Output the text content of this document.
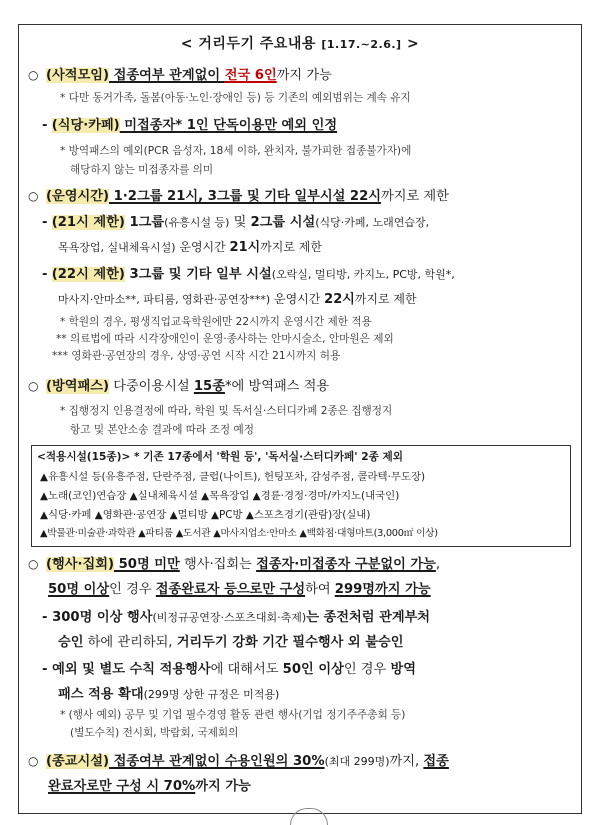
< 거리두기 주요내용 [1.17.~2.6.] >
○ (사적모임) 접종여부 관계없이 전국 6인까지 가능
* 다만 동거가족, 돌봄(아동·노인·장애인 등) 등 기존의 예외범위는 계속 유지
- (식당·카페) 미접종자* 1인 단독이용만 예외 인정
* 방역패스의 예외(PCR 음성자, 18세 이하, 완치자, 불가피한 접종불가자)에
해당하지 않는 미접종자를 의미
○ (운영시간) 1·2그룹 21시, 3그룹 및 기타 일부시설 22시까지로 제한
- (21시 제한) 1그룹(유흥시설 등) 및 2그룹 시설(식당·카페, 노래연습장,
목욕장업, 실내체육시설) 운영시간 21시까지로 제한
- (22시 제한) 3그룹 및 기타 일부 시설(오락실, 멀티방, 카지노, PC방, 학원*,
마사지·안마소**, 파티룸, 영화관·공연장***) 운영시간 22시까지로 제한
* 학원의 경우, 평생직업교육학원에만 22시까지 운영시간 제한 적용
** 의료법에 따라 시각장애인이 운영·종사하는 안마시술소, 안마원은 제외
*** 영화관·공연장의 경우, 상영·공연 시작 시간 21시까지 허용
○ (방역패스) 다중이용시설 15종*에 방역패스 적용
* 집행정지 인용결정에 따라, 학원 및 독서실·스터디카페 2종은 집행정지
항고 및 본안소송 결과에 따라 조정 예정
<적용시설(15종)> * 기존 17종에서 '학원 등', '독서실·스터디카페' 2종 제외
▲유흥시설 등(유흥주점, 단란주점, 클럽(나이트), 헌팅포차, 감성주점, 콜라텍·무도장)
▲노래(코인)연습장 ▲실내체육시설 ▲목욕장업 ▲경륜·경정·경마/카지노(내국인)
▲식당·카페 ▲영화관·공연장 ▲멀티방 ▲PC방 ▲스포츠경기(관람)장(실내)
▲박물관·미술관·과학관 ▲파티룸 ▲도서관 ▲마사지업소·안마소 ▲백화점·대형마트(3,000㎡ 이상)
○ (행사·집회) 50명 미만 행사·집회는 접종자·미접종자 구분없이 가능,
50명 이상인 경우 접종완료자 등으로만 구성하여 299명까지 가능
- 300명 이상 행사(비정규공연장·스포츠대회·축제)는 종전처럼 관계부처
승인 하에 관리하되, 거리두기 강화 기간 필수행사 외 불승인
- 예외 및 별도 수칙 적용행사에 대해서도 50인 이상인 경우 방역
패스 적용 확대(299명 상한 규정은 미적용)
* (행사 예외) 공무 및 기업 필수경영 활동 관련 행사(기업 정기주주총회 등)
(별도수칙) 전시회, 박람회, 국제회의
○ (종교시설) 접종여부 관계없이 수용인원의 30%(최대 299명)까지, 접종
완료자로만 구성 시 70%까지 가능
